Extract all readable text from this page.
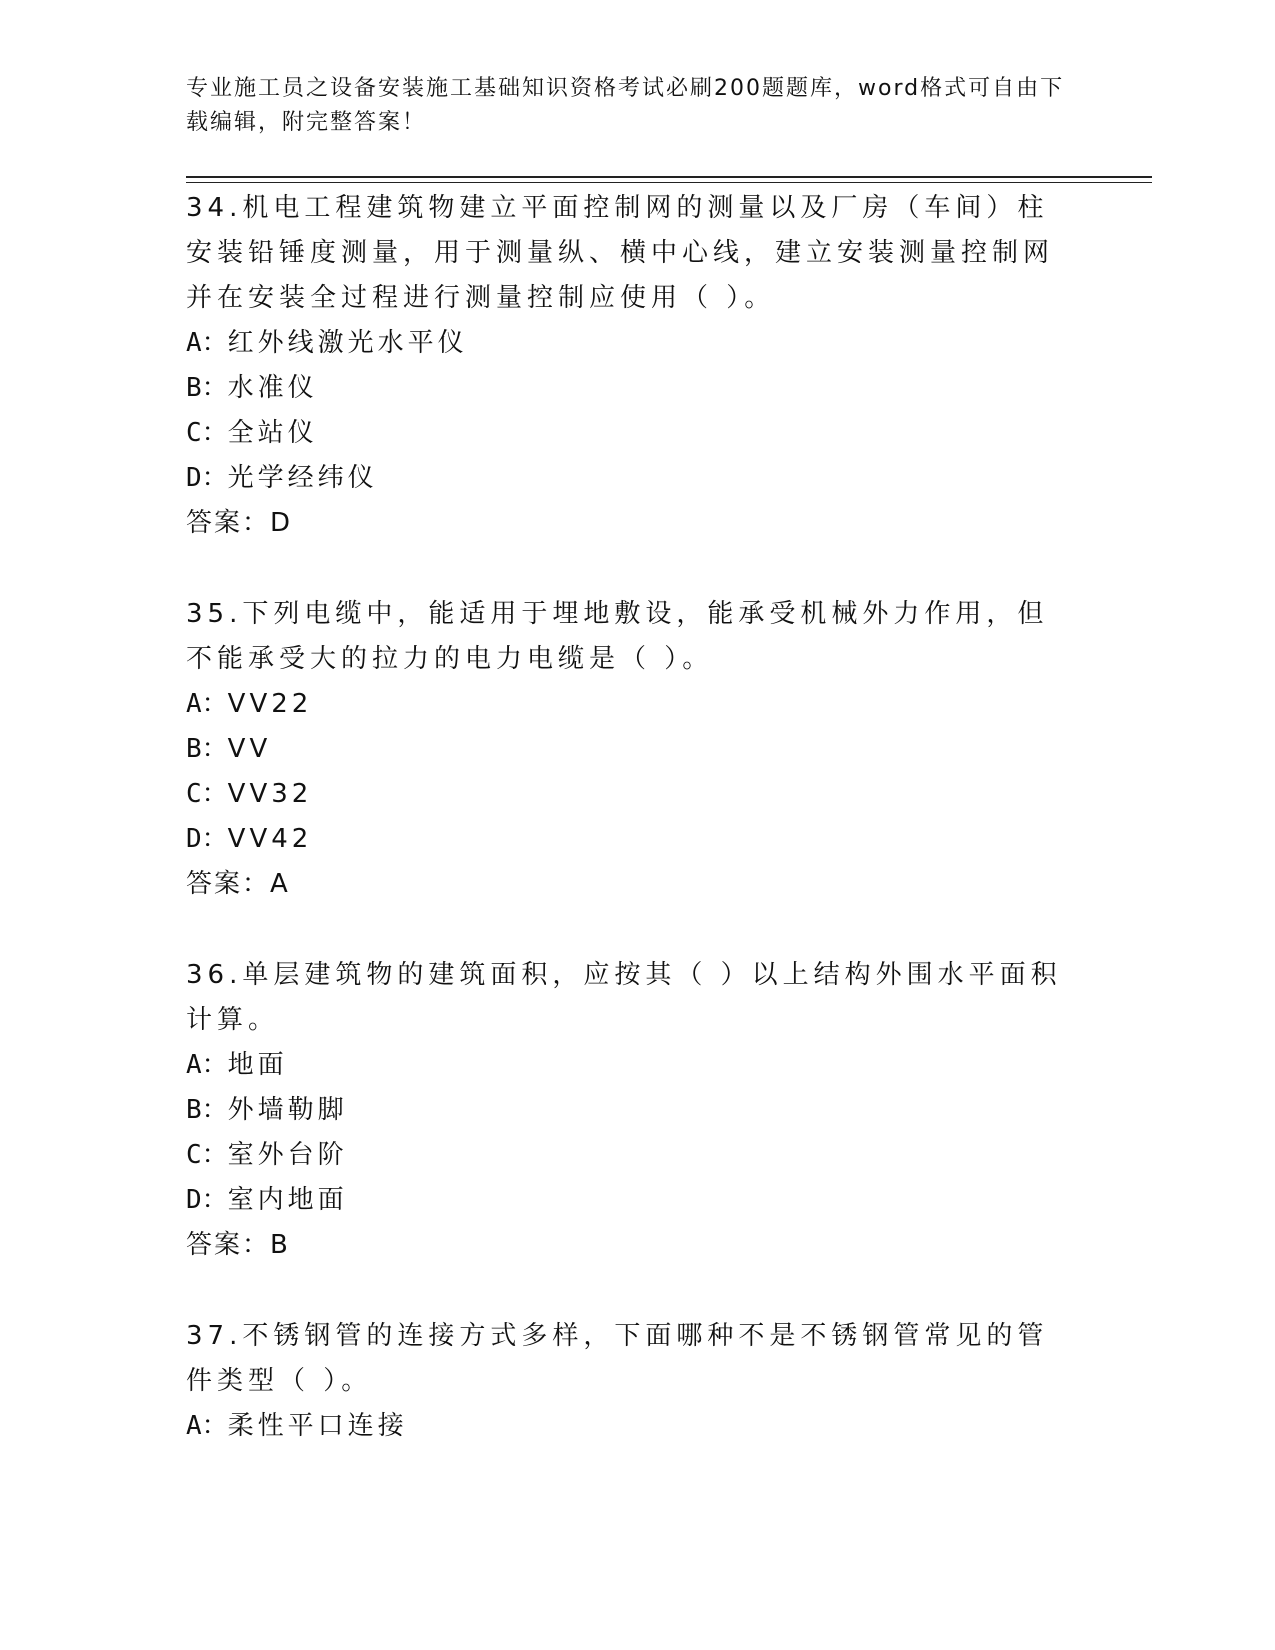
专业施工员之设备安装施工基础知识资格考试必刷200题题库，word格式可自由下载编辑，附完整答案！

34.机电工程建筑物建立平面控制网的测量以及厂房（车间）柱安装铅锤度测量，用于测量纵、横中心线，建立安装测量控制网并在安装全过程进行测量控制应使用（ ）。

A：红外线激光水平仪

B：水准仪

C：全站仪

D：光学经纬仪

答案：D

35.下列电缆中，能适用于埋地敷设，能承受机械外力作用，但不能承受大的拉力的电力电缆是（ ）。

A：VV22

B：VV

C：VV32

D：VV42

答案：A

36.单层建筑物的建筑面积，应按其（ ）以上结构外围水平面积计算。

A：地面

B：外墙勒脚

C：室外台阶

D：室内地面

答案：B

37.不锈钢管的连接方式多样，下面哪种不是不锈钢管常见的管件类型（ ）。

A：柔性平口连接
